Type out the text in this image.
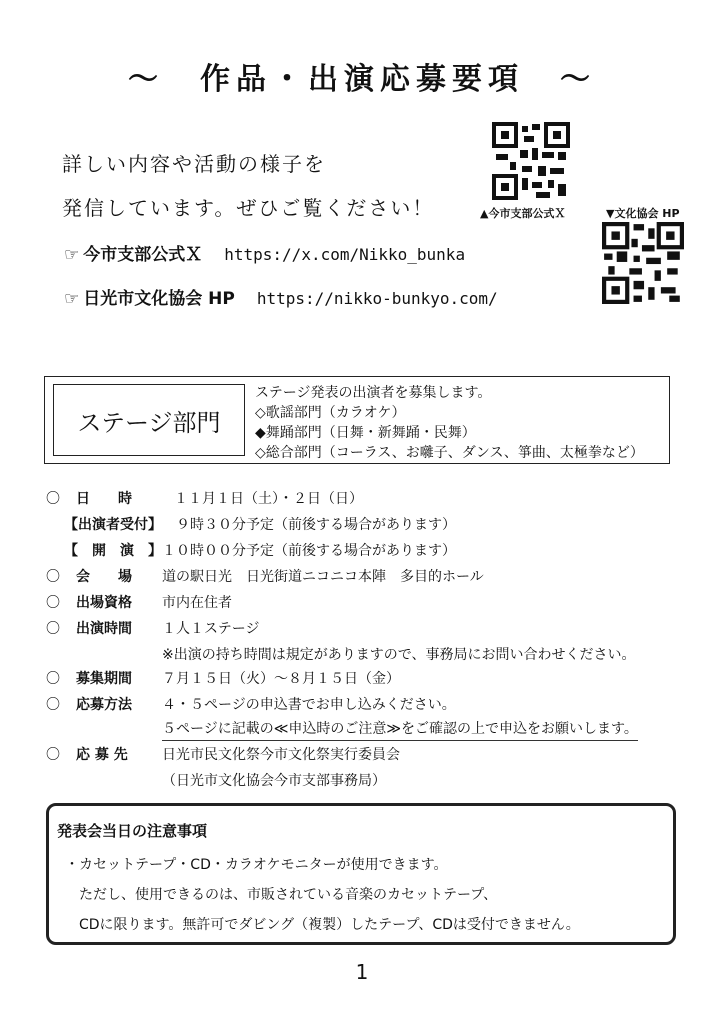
～　作品・出演応募要項　～
詳しい内容や活動の様子を
発信しています。ぜひご覧ください！
☞ 今市支部公式Ｘ https://x.com/Nikko_bunka
☞ 日光市文化協会 HP https://nikko-bunkyo.com/
▲今市支部公式Ｘ	▼文化協会 HP
ステージ部門
ステージ発表の出演者を募集します。
◇歌謡部門（カラオケ）
◆舞踊部門（日舞・新舞踊・民舞）
◇総合部門（コーラス、お囃子、ダンス、箏曲、太極拳など）
〇 日　　時	１１月１日（土）・２日（日）
【出演者受付】 ９時３０分予定（前後する場合があります）
【　開　演　】１０時００分予定（前後する場合があります）
〇 会　　場 道の駅日光　日光街道ニコニコ本陣　多目的ホール
〇 出場資格 市内在住者
〇 出演時間 １人１ステージ
※出演の持ち時間は規定がありますので、事務局にお問い合わせください。
〇 募集期間 ７月１５日（火）～８月１５日（金）
〇 応募方法 ４・５ページの申込書でお申し込みください。
５ページに記載の≪申込時のご注意≫をご確認の上で申込をお願いします。
〇 応 募 先 日光市民文化祭今市文化祭実行委員会
（日光市文化協会今市支部事務局）
発表会当日の注意事項
・カセットテープ・CD・カラオケモニターが使用できます。
ただし、使用できるのは、市販されている音楽のカセットテープ、
CDに限ります。無許可でダビング（複製）したテープ、CDは受付できません。
1
